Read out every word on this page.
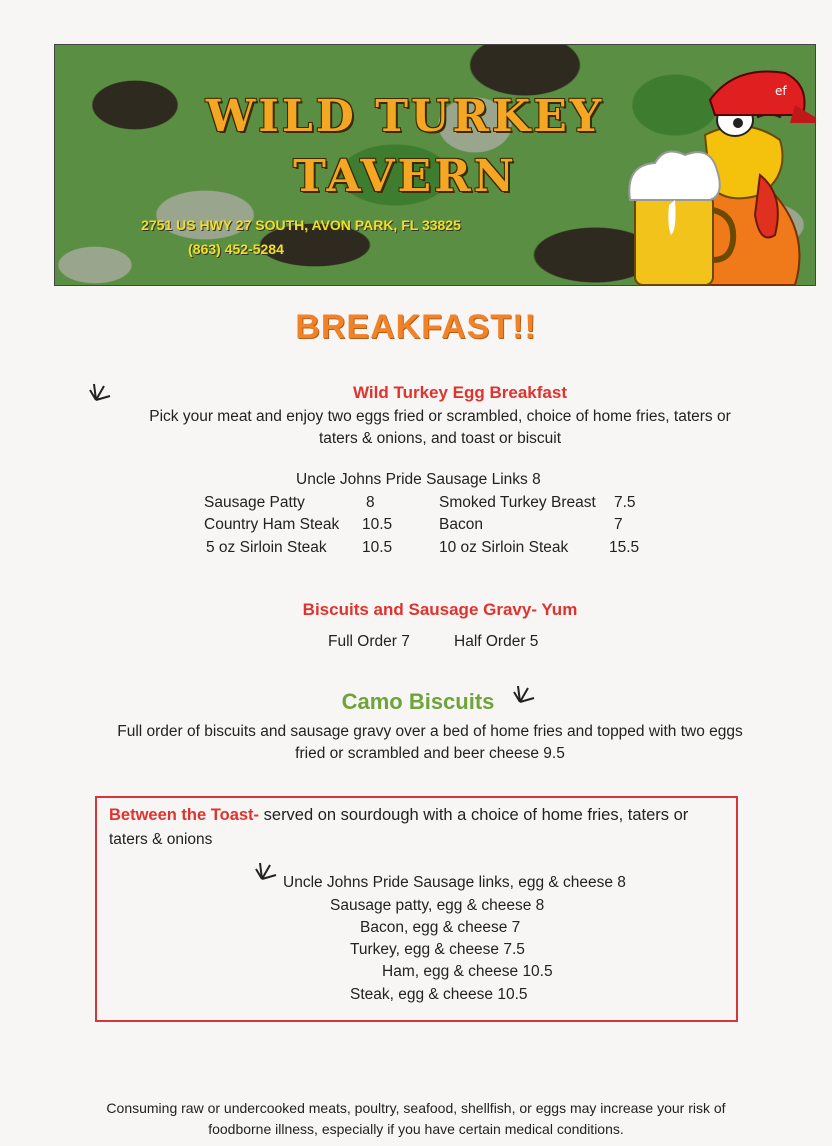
WILD TURKEY
TAVERN
2751 US HWY 27 SOUTH, AVON PARK, FL 33825
(863) 452-5284
ef
BREAKFAST!!
Wild Turkey Egg Breakfast
Pick your meat and enjoy two eggs fried or scrambled, choice of home fries, taters or
taters & onions, and toast or biscuit
Uncle Johns Pride Sausage Links 8
Sausage Patty	8	Smoked Turkey Breast 7.5
Country Ham Steak 10.5	Bacon	7
5 oz Sirloin Steak 10.5	10 oz Sirloin Steak	15.5
Biscuits and Sausage Gravy- Yum
Full Order 7	Half Order 5
Camo Biscuits
Full order of biscuits and sausage gravy over a bed of home fries and topped with two eggs
fried or scrambled and beer cheese 9.5
Between the Toast- served on sourdough with a choice of home fries, taters or
taters & onions
Uncle Johns Pride Sausage links, egg & cheese 8
Sausage patty, egg & cheese 8
Bacon, egg & cheese 7
Turkey, egg & cheese 7.5
Ham, egg & cheese 10.5
Steak, egg & cheese 10.5
Consuming raw or undercooked meats, poultry, seafood, shellfish, or eggs may increase your risk of
foodborne illness, especially if you have certain medical conditions.
